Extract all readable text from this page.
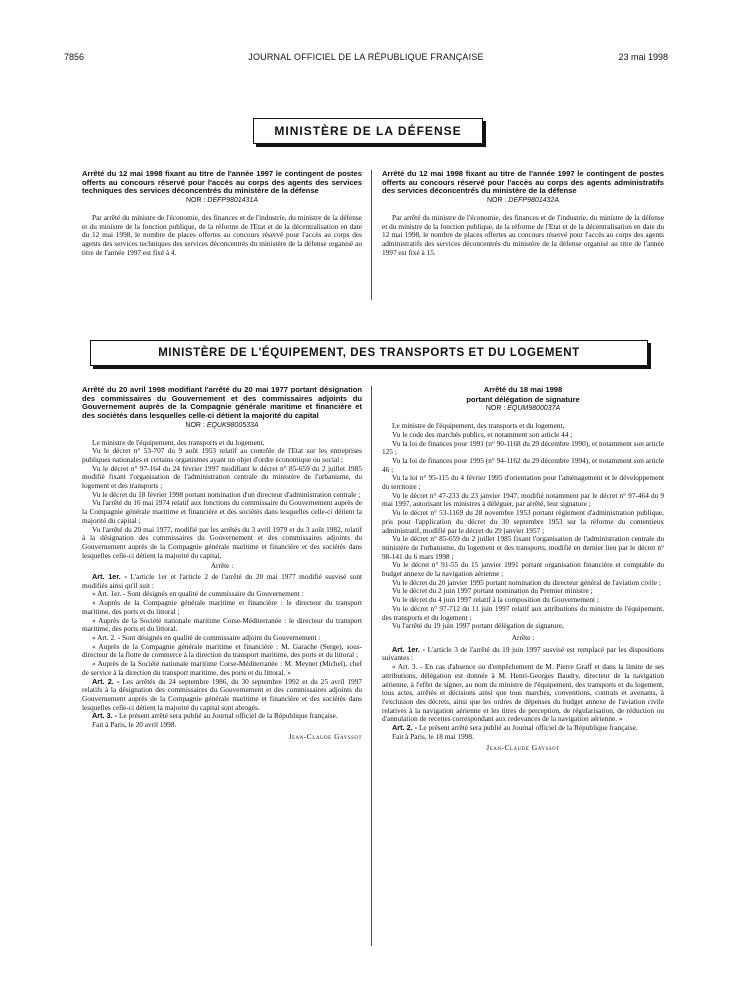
7856	JOURNAL OFFICIEL DE LA RÉPUBLIQUE FRANÇAISE	23 mai 1998
MINISTÈRE DE LA DÉFENSE
Arrêté du 12 mai 1998 fixant au titre de l'année 1997 le contingent de postes offerts au concours réservé pour l'accès au corps des agents des services techniques des services déconcentrés du ministère de la défense
NOR : DEFP9801431A

Par arrêté du ministre de l'économie, des finances et de l'industrie, du ministre de la défense et du ministre de la fonction publique, de la réforme de l'Etat et de la décentralisation en date du 12 mai 1998, le nombre de places offertes au concours réservé pour l'accès au corps des agents des services techniques des services déconcentrés du ministère de la défense organisé au titre de l'année 1997 est fixé à 4.

Arrêté du 12 mai 1998 fixant au titre de l'année 1997 le contingent de postes offerts au concours réservé pour l'accès au corps des agents administratifs des services déconcentrés du ministère de la défense
NOR : DEFP9801432A

Par arrêté du ministre de l'économie, des finances et de l'industrie, du ministre de la défense et du ministre de la fonction publique, de la réforme de l'Etat et de la décentralisation en date du 12 mai 1998, le nombre de places offertes au concours réservé pour l'accès au corps des agents administratifs des services déconcentrés du ministère de la défense organisé au titre de l'année 1997 est fixé à 15.

MINISTÈRE DE L'ÉQUIPEMENT, DES TRANSPORTS ET DU LOGEMENT
Arrêté du 20 avril 1998 modifiant l'arrêté du 20 mai 1977 portant désignation des commissaires du Gouvernement et des commissaires adjoints du Gouvernement auprès de la Compagnie générale maritime et financière et des sociétés dans lesquelles celle-ci détient la majorité du capital
NOR : EQUK9800533A

Le ministre de l'équipement, des transports et du logement,

Vu le décret n° 53-707 du 9 août 1953 relatif au contrôle de l'Etat sur les entreprises publiques nationales et certains organismes ayant un objet d'ordre économique ou social ;

Vu le décret n° 97-164 du 24 février 1997 modifiant le décret n° 85-659 du 2 juillet 1985 modifié fixant l'organisation de l'administration centrale du ministère de l'urbanisme, du logement et des transports ;

Vu le décret du 18 février 1998 portant nomination d'un directeur d'administration centrale ;

Vu l'arrêté du 16 mai 1974 relatif aux fonctions du commissaire du Gouvernement auprès de la Compagnie générale maritime et financière et des sociétés dans lesquelles celle-ci détient la majorité du capital ;

Vu l'arrêté du 20 mai 1977, modifié par les arrêtés du 3 avril 1979 et du 3 août 1982, relatif à la désignation des commissaires du Gouvernement et des commissaires adjoints du Gouvernement auprès de la Compagnie générale maritime et financière et des sociétés dans lesquelles celle-ci détient la majorité du capital,

Arrête :

Art. 1er. - L'article 1er et l'article 2 de l'arrêté du 20 mai 1977 modifié susvisé sont modifiés ainsi qu'il suit :

« Art. 1er. - Sont désignés en qualité de commissaire du Gouvernement :

« Auprès de la Compagnie générale maritime et financière : le directeur du transport maritime, des ports et du littoral ;

« Auprès de la Société nationale maritime Corse-Méditerranée : le directeur du transport maritime, des ports et du littoral.

« Art. 2. - Sont désignés en qualité de commissaire adjoint du Gouvernement :

« Auprès de la Compagnie générale maritime et financière : M. Garache (Serge), sous-directeur de la flotte de commerce à la direction du transport maritime, des ports et du littoral ;

« Auprès de la Société nationale maritime Corse-Méditerranée : M. Meynet (Michel), chef de service à la direction du transport maritime, des ports et du littoral. »

Art. 2. - Les arrêtés du 24 septembre 1986, du 30 septembre 1992 et du 25 avril 1997 relatifs à la désignation des commissaires du Gouvernement et des commissaires adjoints du Gouvernement auprès de la Compagnie générale maritime et financière et des sociétés dans lesquelles celle-ci détient la majorité du capital sont abrogés.

Art. 3. - Le présent arrêté sera publié au Journal officiel de la République française.

Fait à Paris, le 20 avril 1998.

Jean-Claude Gayssot
Arrêté du 18 mai 1998
portant délégation de signature
NOR : EQUM9800037A

Le ministre de l'équipement, des transports et du logement,

Vu le code des marchés publics, et notamment son article 44 ;

Vu la loi de finances pour 1991 (n° 90-1168 du 29 décembre 1990), et notamment son article 125 ;

Vu la loi de finances pour 1995 (n° 94-1162 du 29 décembre 1994), et notamment son article 46 ;

Vu la loi n° 95-115 du 4 février 1995 d'orientation pour l'aménagement et le développement du territoire ;

Vu le décret n° 47-233 du 23 janvier 1947, modifié notamment par le décret n° 97-464 du 9 mai 1997, autorisant les ministres à déléguer, par arrêté, leur signature ;

Vu le décret n° 53-1169 du 28 novembre 1953 portant règlement d'administration publique, pris pour l'application du décret du 30 septembre 1953 sur la réforme du contentieux administratif, modifié par le décret du 29 janvier 1957 ;

Vu le décret n° 85-659 du 2 juillet 1985 fixant l'organisation de l'administration centrale du ministère de l'urbanisme, du logement et des transports, modifié en dernier lieu par le décret n° 98-141 du 6 mars 1998 ;

Vu le décret n° 91-55 du 15 janvier 1991 portant organisation financière et comptable du budget annexe de la navigation aérienne ;

Vu le décret du 20 janvier 1995 portant nomination du directeur général de l'aviation civile ;

Vu le décret du 2 juin 1997 portant nomination du Premier ministre ;

Vu le décret du 4 juin 1997 relatif à la composition du Gouvernement ;

Vu le décret n° 97-712 du 11 juin 1997 relatif aux attributions du ministre de l'équipement, des transports et du logement ;

Vu l'arrêté du 19 juin 1997 portant délégation de signature,

Arrête :

Art. 1er. - L'article 3 de l'arrêté du 19 juin 1997 susvisé est remplacé par les dispositions suivantes :

« Art. 3. - En cas d'absence ou d'empêchement de M. Pierre Graff et dans la limite de ses attributions, délégation est donnée à M. Henri-Georges Baudry, directeur de la navigation aérienne, à l'effet de signer, au nom du ministre de l'équipement, des transports et du logement, tous actes, arrêtés et décisions ainsi que tous marchés, conventions, contrats et avenants, à l'exclusion des décrets, ainsi que les ordres de dépenses du budget annexe de l'aviation civile relatives à la navigation aérienne et les titres de perception, de régularisation, de réduction ou d'annulation de recettes correspondant aux redevances de la navigation aérienne. »

Art. 2. - Le présent arrêté sera publié au Journal officiel de la République française.

Fait à Paris, le 18 mai 1998.

Jean-Claude Gayssot
